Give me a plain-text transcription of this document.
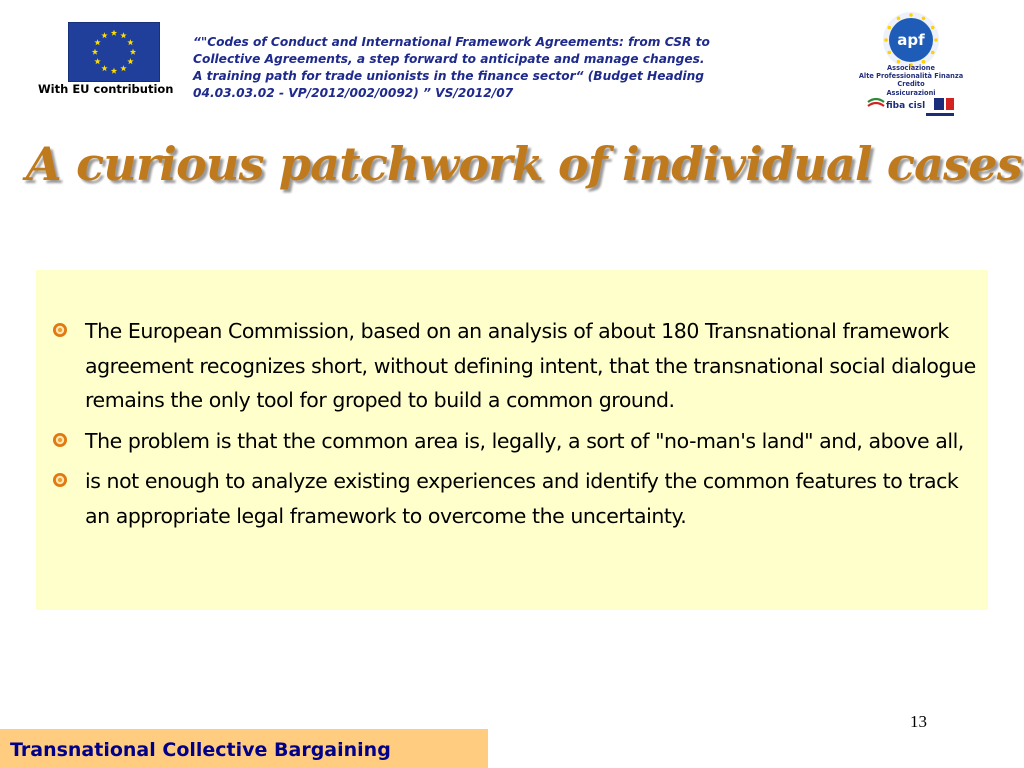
With EU contribution
“"Codes of Conduct and International Framework Agreements: from CSR to
Collective Agreements, a step forward to anticipate and manage changes.
A training path for trade unionists in the finance sector“ (Budget Heading
04.03.03.02 - VP/2012/002/0092) ” VS/2012/07
apf
Associazione
Alte Professionalità Finanza
Credito
Assicurazioni
fiba cisl
A curious patchwork of individual cases
The European Commission, based on an analysis of about 180 Transnational framework agreement recognizes short, without defining intent, that the transnational social dialogue remains the only tool for groped to build a common ground.
The problem is that the common area is, legally, a sort of "no-man's land" and, above all,
is not enough to analyze existing experiences and identify the common features to track an appropriate legal framework to overcome the uncertainty.
13
Transnational Collective Bargaining
